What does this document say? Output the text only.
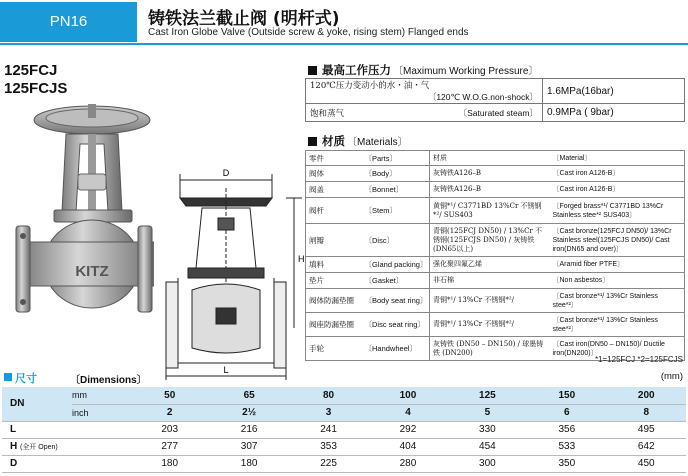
PN16	铸铁法兰截止阀 (明杆式)
Cast Iron Globe Valve (Outside screw & yoke, rising stem) Flanged ends
125FCJ
125FCJS
KITZ
D
H
L
最高工作压力 〔Maximum Working Pressure〕
120℃压力变动小的水・油・气
〔120℃ W.O.G.non-shock〕	1.6MPa(16bar)
饱和蒸气 〔Saturated steam〕	0.9MPa ( 9bar)
材质 〔Materials〕
零件	〔Parts〕	材质	〔Material〕
阀体	〔Body〕	灰铸铁A126–B	〔Cast iron A126-B〕
阀盖	〔Bonnet〕	灰铸铁A126–B	〔Cast iron A126-B〕
阀杆	〔Stem〕	黄铜*¹/ C3771BD 13%Cr 不锈钢*²/ SUS403	〔Forged brass*¹/ C3771BD 13%Cr Stainless stee*² SUS403〕
闸瓣	〔Disc〕	青铜(125FCJ DN50) / 13%Cr 不锈钢(125FCJS DN50) / 灰铸铁(DN65以上)	〔Cast bronze(125FCJ DN50)/ 13%Cr Stainless steel(125FCJS DN50)/ Cast iron(DN65 and over)〕
填料	〔Gland packing〕	强化聚四氟乙烯	〔Aramid fiber PTFE〕
垫片	〔Gasket〕	非石棉	〔Non asbestos〕
阀体防漏垫圈	〔Body seat ring〕	青铜*¹/ 13%Cr 不锈钢*²/	〔Cast bronze*¹/ 13%Cr Stainless stee*²〕
阀座防漏垫圈	〔Disc seat ring〕	青铜*¹/ 13%Cr 不锈钢*²/	〔Cast bronze*¹/ 13%Cr Stainless stee*²〕
手轮	〔Handwheel〕	灰铸铁 (DN50 – DN150) / 球墨铸铁 (DN200)	〔Cast iron(DN50 – DN150)/ Ductile iron(DN200)〕
*1=125FCJ *2=125FCJS
尺寸	〔Dimensions〕	(mm)
DN	mm	50	65	80	100	125	150	200
	inch	2	2½	3	4	5	6	8
L		203	216	241	292	330	356	495
H (全开 Open)		277	307	353	404	454	533	642
D		180	180	225	280	300	350	450
